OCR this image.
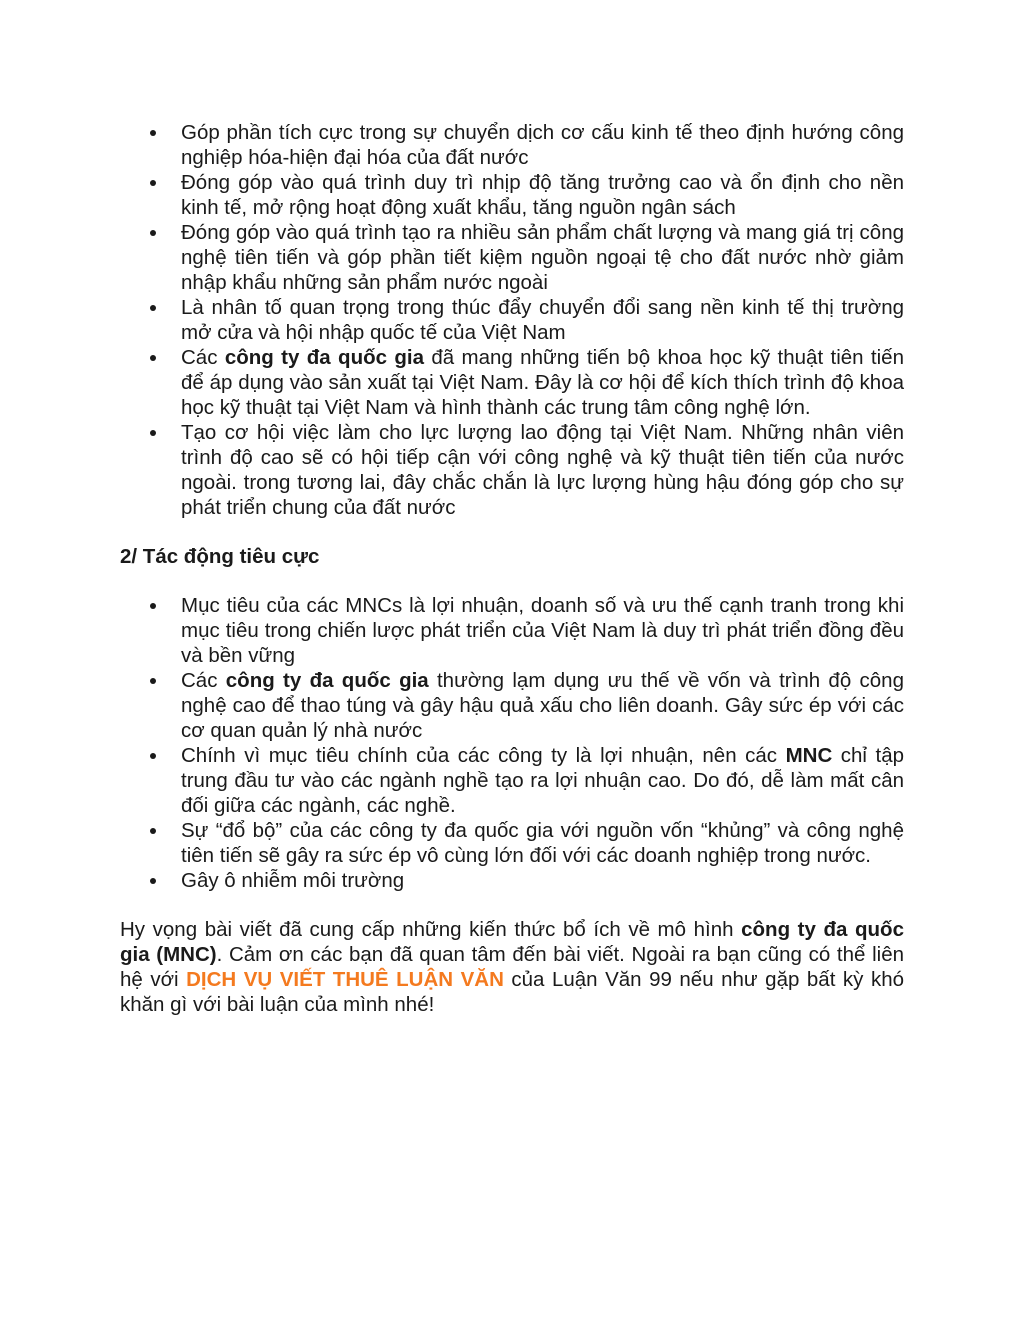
Góp phần tích cực trong sự chuyển dịch cơ cấu kinh tế theo định hướng công nghiệp hóa-hiện đại hóa của đất nước
Đóng góp vào quá trình duy trì nhịp độ tăng trưởng cao và ổn định cho nền kinh tế, mở rộng hoạt động xuất khẩu, tăng nguồn ngân sách
Đóng góp vào quá trình tạo ra nhiều sản phẩm chất lượng và mang giá trị công nghệ tiên tiến và góp phần tiết kiệm nguồn ngoại tệ cho đất nước nhờ giảm nhập khẩu những sản phẩm nước ngoài
Là nhân tố quan trọng trong thúc đẩy chuyển đổi sang nền kinh tế thị trường mở cửa và hội nhập quốc tế của Việt Nam
Các công ty đa quốc gia đã mang những tiến bộ khoa học kỹ thuật tiên tiến để áp dụng vào sản xuất tại Việt Nam. Đây là cơ hội để kích thích trình độ khoa học kỹ thuật tại Việt Nam và hình thành các trung tâm công nghệ lớn.
Tạo cơ hội việc làm cho lực lượng lao động tại Việt Nam. Những nhân viên trình độ cao sẽ có hội tiếp cận với công nghệ và kỹ thuật tiên tiến của nước ngoài. trong tương lai, đây chắc chắn là lực lượng hùng hậu đóng góp cho sự phát triển chung của đất nước
2/ Tác động tiêu cực
Mục tiêu của các MNCs là lợi nhuận, doanh số và ưu thế cạnh tranh trong khi mục tiêu trong chiến lược phát triển của Việt Nam là duy trì phát triển đồng đều và bền vững
Các công ty đa quốc gia thường lạm dụng ưu thế về vốn và trình độ công nghệ cao để thao túng và gây hậu quả xấu cho liên doanh. Gây sức ép với các cơ quan quản lý nhà nước
Chính vì mục tiêu chính của các công ty là lợi nhuận, nên các MNC chỉ tập trung đầu tư vào các ngành nghề tạo ra lợi nhuận cao. Do đó, dễ làm mất cân đối giữa các ngành, các nghề.
Sự “đổ bộ” của các công ty đa quốc gia với nguồn vốn “khủng” và công nghệ tiên tiến sẽ gây ra sức ép vô cùng lớn đối với các doanh nghiệp trong nước.
Gây ô nhiễm môi trường

Hy vọng bài viết đã cung cấp những kiến thức bổ ích về mô hình công ty đa quốc gia (MNC). Cảm ơn các bạn đã quan tâm đến bài viết. Ngoài ra bạn cũng có thể liên hệ với DỊCH VỤ VIẾT THUÊ LUẬN VĂN của Luận Văn 99 nếu như gặp bất kỳ khó khăn gì với bài luận của mình nhé!
